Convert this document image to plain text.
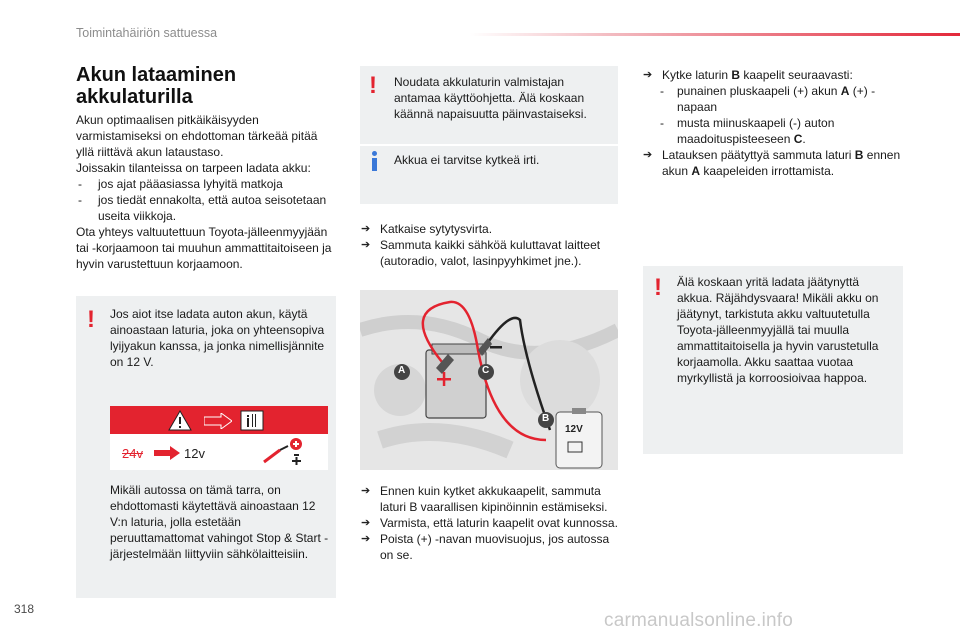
Toimintahäiriön sattuessa
Akun lataaminen
akkulaturilla

Akun optimaalisen pitkäikäisyyden varmistamiseksi on ehdottoman tärkeää pitää yllä riittävä akun lataustaso.

Joissakin tilanteissa on tarpeen ladata akku:

- jos ajat pääasiassa lyhyitä matkoja
- jos tiedät ennakolta, että autoa seisotetaan useita viikkoja.

Ota yhteys valtuutettuun Toyota-jälleenmyyjään tai -korjaamoon tai muuhun ammattitaitoiseen ja hyvin varustettuun korjaamoon.

! Jos aiot itse ladata auton akun, käytä ainoastaan laturia, joka on yhteensopiva lyijyakun kanssa, ja jonka nimellisjännite on 12 V.
24v	12v
Mikäli autossa on tämä tarra, on ehdottomasti käytettävä ainoastaan 12 V:n laturia, jolla estetään peruuttamattomat vahingot Stop & Start -järjestelmään liittyviin sähkölaitteisiin.
! Noudata akkulaturin valmistajan antamaa käyttöohjetta. Älä koskaan käännä napaisuutta päinvastaiseksi.
Akkua ei tarvitse kytkeä irti.
➔ Katkaise sytytysvirta.
➔ Sammuta kaikki sähköä kuluttavat laitteet (autoradio, valot, lasinpyyhkimet jne.).
A	C
B
12V
➔ Ennen kuin kytket akkukaapelit, sammuta laturi B vaarallisen kipinöinnin estämiseksi.
➔ Varmista, että laturin kaapelit ovat kunnossa.
➔ Poista (+) -navan muovisuojus, jos autossa on se.
➔ Kytke laturin B kaapelit seuraavasti:
- punainen pluskaapeli (+) akun A (+) -napaan
- musta miinuskaapeli (-) auton maadoituspisteeseen C.
➔ Latauksen päätyttyä sammuta laturi B ennen akun A kaapeleiden irrottamista.
! Älä koskaan yritä ladata jäätynyttä akkua. Räjähdysvaara! Mikäli akku on jäätynyt, tarkistuta akku valtuutetulla Toyota-jälleenmyyjällä tai muulla ammattitaitoisella ja hyvin varustetulla korjaamolla. Akku saattaa vuotaa myrkyllistä ja korroosioivaa happoa.
318
carmanualsonline.info
